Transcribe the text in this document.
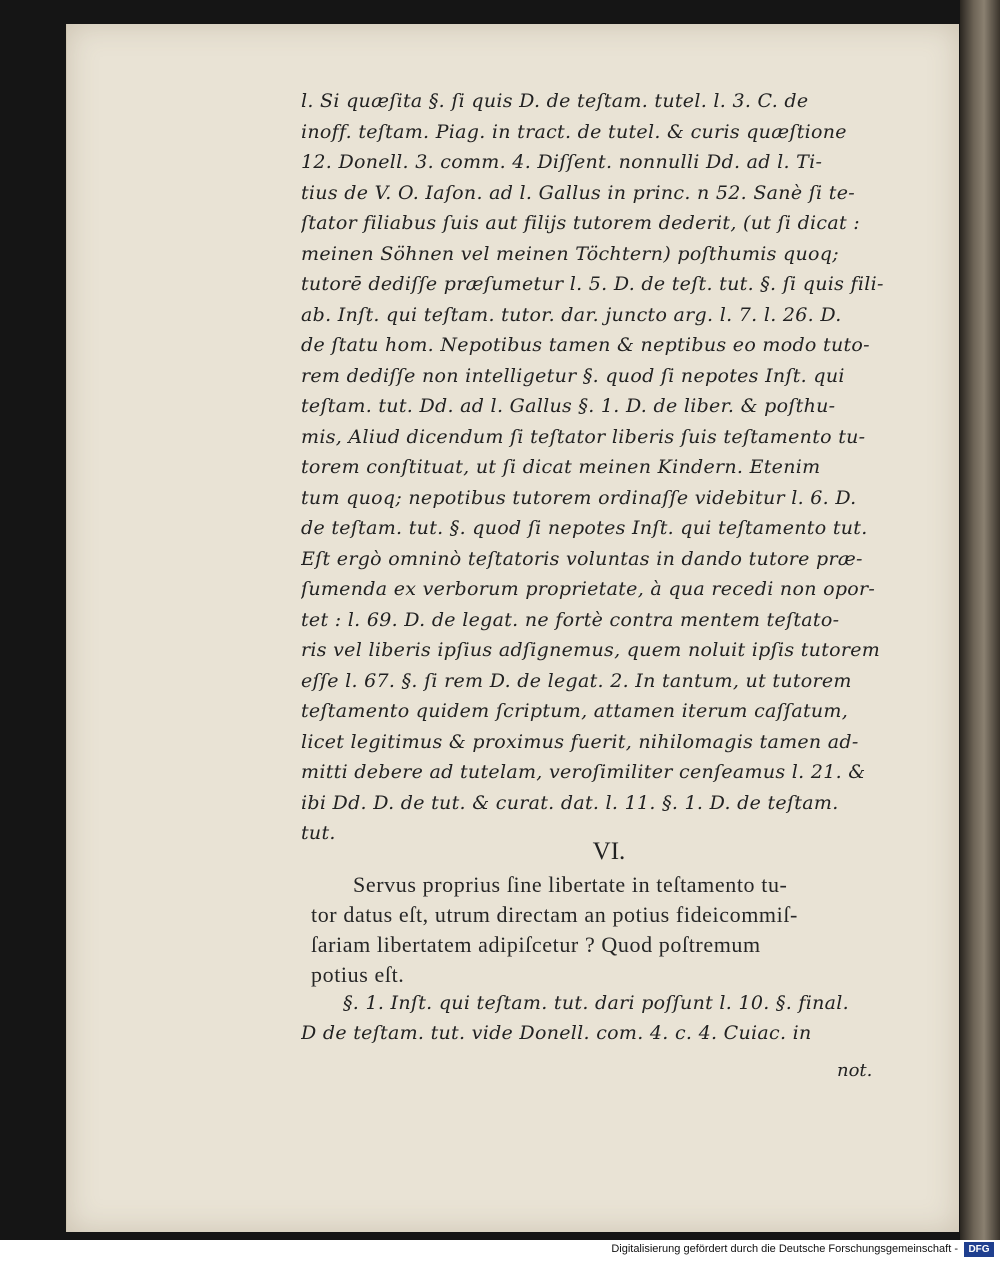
l. Si quæſita §. ſi quis D. de teſtam. tutel. l. 3. C. de
inoff. teſtam. Piag. in tract. de tutel. & curis quæſtione
12. Donell. 3. comm. 4. Diſſent. nonnulli Dd. ad l. Ti-
tius de V. O. Iaſon. ad l. Gallus in princ. n 52. Sanè ſi te-
ſtator filiabus ſuis aut filijs tutorem dederit, (ut ſi dicat :
meinen Söhnen vel meinen Töchtern) poſthumis quoq;
tutorē dediſſe præſumetur l. 5. D. de teſt. tut. §. ſi quis fili-
ab. Inſt. qui teſtam. tutor. dar. juncto arg. l. 7. l. 26. D.
de ſtatu hom. Nepotibus tamen & neptibus eo modo tuto-
rem dediſſe non intelligetur §. quod ſi nepotes Inſt. qui
teſtam. tut. Dd. ad l. Gallus §. 1. D. de liber. & poſthu-
mis, Aliud dicendum ſi teſtator liberis ſuis teſtamento tu-
torem conſtituat, ut ſi dicat meinen Kindern. Etenim
tum quoq; nepotibus tutorem ordinaſſe videbitur l. 6. D.
de teſtam. tut. §. quod ſi nepotes Inſt. qui teſtamento tut.
Eſt ergò omninò teſtatoris voluntas in dando tutore præ-
ſumenda ex verborum proprietate, à qua recedi non opor-
tet : l. 69. D. de legat. ne fortè contra mentem teſtato-
ris vel liberis ipſius adſignemus, quem noluit ipſis tutorem
eſſe l. 67. §. ſi rem D. de legat. 2. In tantum, ut tutorem
teſtamento quidem ſcriptum, attamen iterum caſſatum,
licet legitimus & proximus fuerit, nihilomagis tamen ad-
mitti debere ad tutelam, veroſimiliter cenſeamus l. 21. &
ibi Dd. D. de tut. & curat. dat. l. 11. §. 1. D. de teſtam.
tut.
VI.
Servus proprius ſine libertate in teſtamento tu-
tor datus eſt, utrum directam an potius fideicommiſ-
ſariam libertatem adipiſcetur ? Quod poſtremum
potius eſt.
§. 1. Inſt. qui teſtam. tut. dari poſſunt l. 10. §. final.
D de teſtam. tut. vide Donell. com. 4. c. 4. Cuiac. in
not.
Digitalisierung gefördert durch die Deutsche Forschungsgemeinschaft -	DFG
